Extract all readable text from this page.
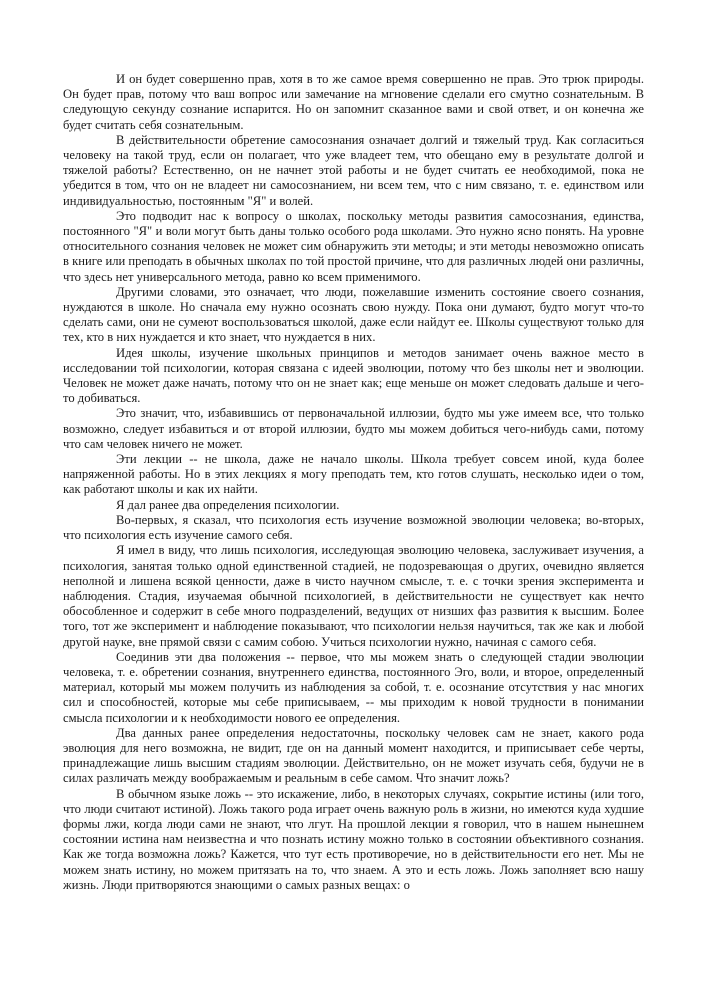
И он будет совершенно прав, хотя в то же самое время совершенно не прав. Это трюк природы. Он будет прав, потому что ваш вопрос или замечание на мгновение сделали его смутно сознательным. В следующую секунду сознание испарится. Но он запомнит сказанное вами и свой ответ, и он конечна же будет считать себя сознательным.

В действительности обретение самосознания означает долгий и тяжелый труд. Как согласиться человеку на такой труд, если он полагает, что уже владеет тем, что обещано ему в результате долгой и тяжелой работы? Естественно, он не начнет этой работы и не будет считать ее необходимой, пока не убедится в том, что он не владеет ни самосознанием, ни всем тем, что с ним связано, т. е. единством или индивидуальностью, постоянным "Я" и волей.

Это подводит нас к вопросу о школах, поскольку методы развития самосознания, единства, постоянного "Я" и воли могут быть даны только особого рода школами. Это нужно ясно понять. На уровне относительного сознания человек не может сим обнаружить эти методы; и эти методы невозможно описать в книге или преподать в обычных школах по той простой причине, что для различных людей они различны, что здесь нет универсального метода, равно ко всем применимого.

Другими словами, это означает, что люди, пожелавшие изменить состояние своего сознания, нуждаются в школе. Но сначала ему нужно осознать свою нужду. Пока они думают, будто могут что-то сделать сами, они не сумеют воспользоваться школой, даже если найдут ее. Школы существуют только для тех, кто в них нуждается и кто знает, что нуждается в них.

Идея школы, изучение школьных принципов и методов занимает очень важное место в исследовании той психологии, которая связана с идеей эволюции, потому что без школы нет и эволюции. Человек не может даже начать, потому что он не знает как; еще меньше он может следовать дальше и чего-то добиваться.

Это значит, что, избавившись от первоначальной иллюзии, будто мы уже имеем все, что только возможно, следует избавиться и от второй иллюзии, будто мы можем добиться чего-нибудь сами, потому что сам человек ничего не может.

Эти лекции -- не школа, даже не начало школы. Школа требует совсем иной, куда более напряженной работы. Но в этих лекциях я могу преподать тем, кто готов слушать, несколько идеи о том, как работают школы и как их найти.

Я дал ранее два определения психологии.

Во-первых, я сказал, что психология есть изучение возможной эволюции человека; во-вторых, что психология есть изучение самого себя.

Я имел в виду, что лишь психология, исследующая эволюцию человека, заслуживает изучения, а психология, занятая только одной единственной стадией, не подозревающая о других, очевидно является неполной и лишена всякой ценности, даже в чисто научном смысле, т. е. с точки зрения эксперимента и наблюдения. Стадия, изучаемая обычной психологией, в действительности не существует как нечто обособленное и содержит в себе много подразделений, ведущих от низших фаз развития к высшим. Более того, тот же эксперимент и наблюдение показывают, что психологии нельзя научиться, так же как и любой другой науке, вне прямой связи с самим собою. Учиться психологии нужно, начиная с самого себя.

Соединив эти два положения -- первое, что мы можем знать о следующей стадии эволюции человека, т. е. обретении сознания, внутреннего единства, постоянного Эго, воли, и второе, определенный материал, который мы можем получить из наблюдения за собой, т. е. осознание отсутствия у нас многих сил и способностей, которые мы себе приписываем, -- мы приходим к новой трудности в понимании смысла психологии и к необходимости нового ее определения.

Два данных ранее определения недостаточны, поскольку человек сам не знает, какого рода эволюция для него возможна, не видит, где он на данный момент находится, и приписывает себе черты, принадлежащие лишь высшим стадиям эволюции. Действительно, он не может изучать себя, будучи не в силах различать между воображаемым и реальным в себе самом. Что значит ложь?

В обычном языке ложь -- это искажение, либо, в некоторых случаях, сокрытие истины (или того, что люди считают истиной). Ложь такого рода играет очень важную роль в жизни, но имеются куда худшие формы лжи, когда люди сами не знают, что лгут. На прошлой лекции я говорил, что в нашем нынешнем состоянии истина нам неизвестна и что познать истину можно только в состоянии объективного сознания. Как же тогда возможна ложь? Кажется, что тут есть противоречие, но в действительности его нет. Мы не можем знать истину, но можем притязать на то, что знаем. А это и есть ложь. Ложь заполняет всю нашу жизнь. Люди притворяются знающими о самых разных вещах: о
